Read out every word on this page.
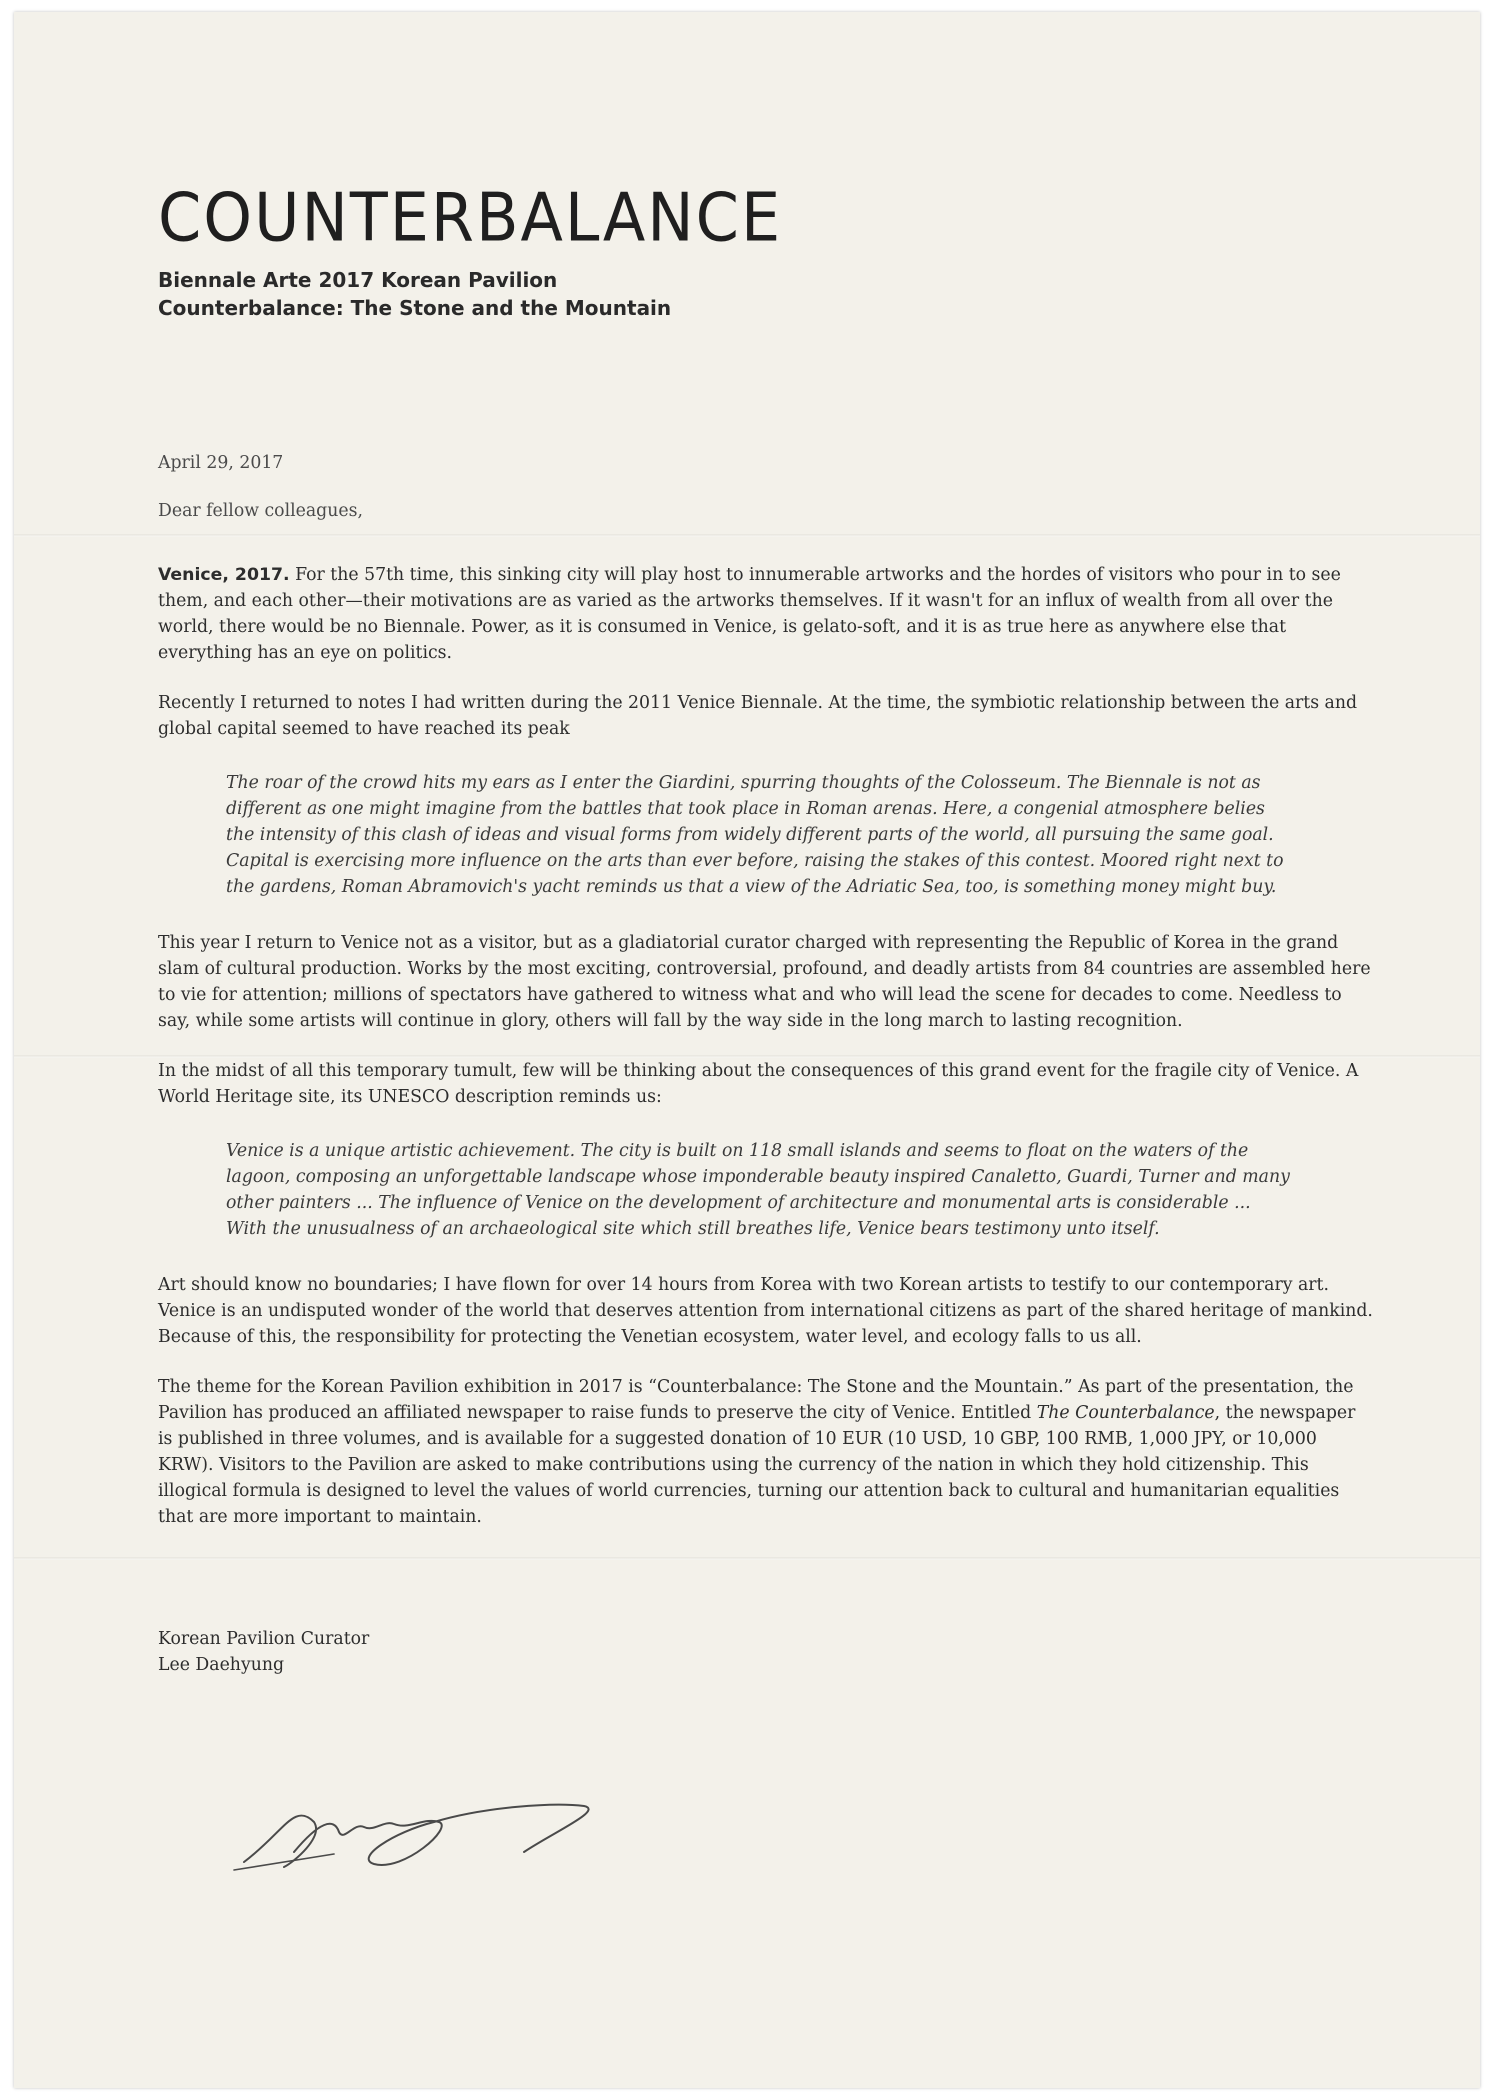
COUNTERBALANCE
Biennale Arte 2017 Korean Pavilion
Counterbalance: The Stone and the Mountain
April 29, 2017
Dear fellow colleagues,

Venice, 2017. For the 57th time, this sinking city will play host to innumerable artworks and the hordes of visitors who pour in to see them, and each other—their motivations are as varied as the artworks themselves. If it wasn't for an influx of wealth from all over the world, there would be no Biennale. Power, as it is consumed in Venice, is gelato-soft, and it is as true here as anywhere else that everything has an eye on politics.

Recently I returned to notes I had written during the 2011 Venice Biennale. At the time, the symbiotic relationship between the arts and global capital seemed to have reached its peak

The roar of the crowd hits my ears as I enter the Giardini, spurring thoughts of the Colosseum. The Biennale is not as different as one might imagine from the battles that took place in Roman arenas. Here, a congenial atmosphere belies the intensity of this clash of ideas and visual forms from widely different parts of the world, all pursuing the same goal. Capital is exercising more influence on the arts than ever before, raising the stakes of this contest. Moored right next to the gardens, Roman Abramovich's yacht reminds us that a view of the Adriatic Sea, too, is something money might buy.

This year I return to Venice not as a visitor, but as a gladiatorial curator charged with representing the Republic of Korea in the grand slam of cultural production. Works by the most exciting, controversial, profound, and deadly artists from 84 countries are assembled here to vie for attention; millions of spectators have gathered to witness what and who will lead the scene for decades to come. Needless to say, while some artists will continue in glory, others will fall by the way side in the long march to lasting recognition.

In the midst of all this temporary tumult, few will be thinking about the consequences of this grand event for the fragile city of Venice. A World Heritage site, its UNESCO description reminds us:

Venice is a unique artistic achievement. The city is built on 118 small islands and seems to float on the waters of the lagoon, composing an unforgettable landscape whose imponderable beauty inspired Canaletto, Guardi, Turner and many other painters ... The influence of Venice on the development of architecture and monumental arts is considerable ... With the unusualness of an archaeological site which still breathes life, Venice bears testimony unto itself.

Art should know no boundaries; I have flown for over 14 hours from Korea with two Korean artists to testify to our contemporary art. Venice is an undisputed wonder of the world that deserves attention from international citizens as part of the shared heritage of mankind. Because of this, the responsibility for protecting the Venetian ecosystem, water level, and ecology falls to us all.

The theme for the Korean Pavilion exhibition in 2017 is “Counterbalance: The Stone and the Mountain.” As part of the presentation, the Pavilion has produced an affiliated newspaper to raise funds to preserve the city of Venice. Entitled The Counterbalance, the newspaper is published in three volumes, and is available for a suggested donation of 10 EUR (10 USD, 10 GBP, 100 RMB, 1,000 JPY, or 10,000 KRW). Visitors to the Pavilion are asked to make contributions using the currency of the nation in which they hold citizenship. This illogical formula is designed to level the values of world currencies, turning our attention back to cultural and humanitarian equalities that are more important to maintain.

Korean Pavilion Curator
Lee Daehyung
